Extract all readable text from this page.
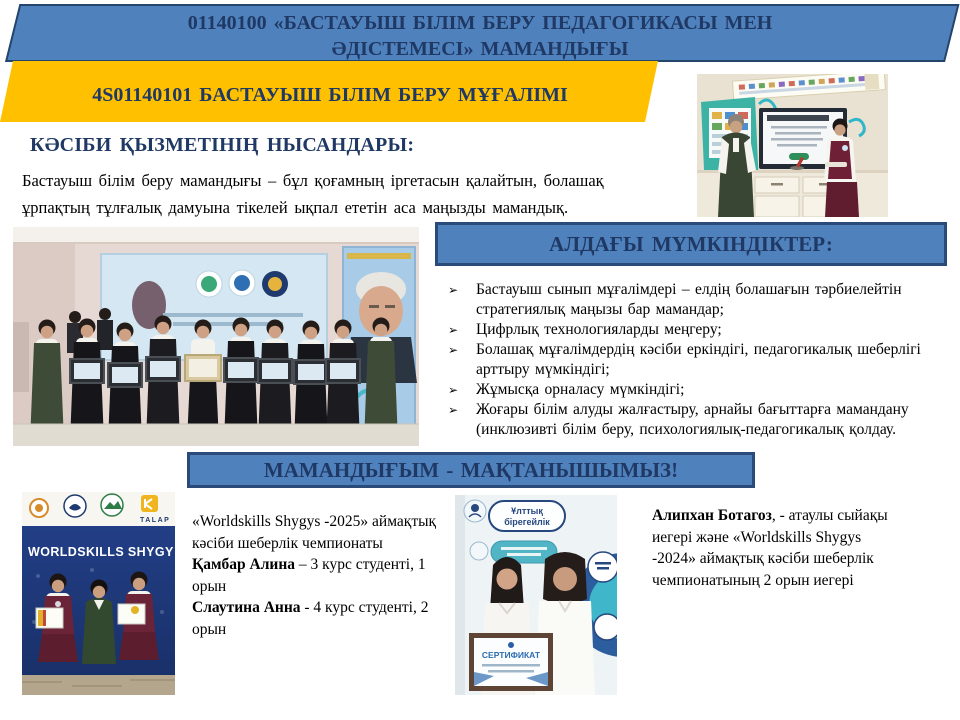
01140100 «БАСТАУЫШ БІЛІМ БЕРУ ПЕДАГОГИКАСЫ МЕН
ӘДІСТЕМЕСІ» МАМАНДЫҒЫ
4S01140101 БАСТАУЫШ БІЛІМ БЕРУ МҰҒАЛІМІ
КӘСІБИ ҚЫЗМЕТІНІҢ НЫСАНДАРЫ:
Бастауыш білім беру мамандығы – бұл қоғамның іргетасын қалайтын, болашақ ұрпақтың тұлғалық дамуына тікелей ықпал ететін аса маңызды мамандық.
АЛДАҒЫ МҮМКІНДІКТЕР:
➢	Бастауыш сынып мұғалімдері – елдің болашағын тәрбиелейтін стратегиялық маңызы бар мамандар;
➢	Цифрлық технологияларды меңгеру;
➢	Болашақ мұғалімдердің кәсіби еркіндігі, педагогикалық шеберлігі арттыру мүмкіндігі;
➢	Жұмысқа орналасу мүмкіндігі;
➢	Жоғары білім алуды жалғастыру, арнайы бағыттарға мамандану (инклюзивті білім беру, психологиялық-педагогикалық қолдау.
МАМАНДЫҒЫМ - МАҚТАНЫШЫМЫЗ!
TALAP
WORLDSKILLS SHYGY

«Worldskills Shygys -2025» аймақтық кәсіби шеберлік чемпионаты
Қамбар Алина – 3 курс студенті, 1 орын
Слаутина Анна - 4 курс студенті, 2 орын

Ұлттық
бірегейлік
СЕРТИФИКАТ

Алипхан Ботагоз, - атаулы сыйақы иегері және «Worldskills Shygys -2024» аймақтық кәсіби шеберлік чемпионатының 2 орын иегері
